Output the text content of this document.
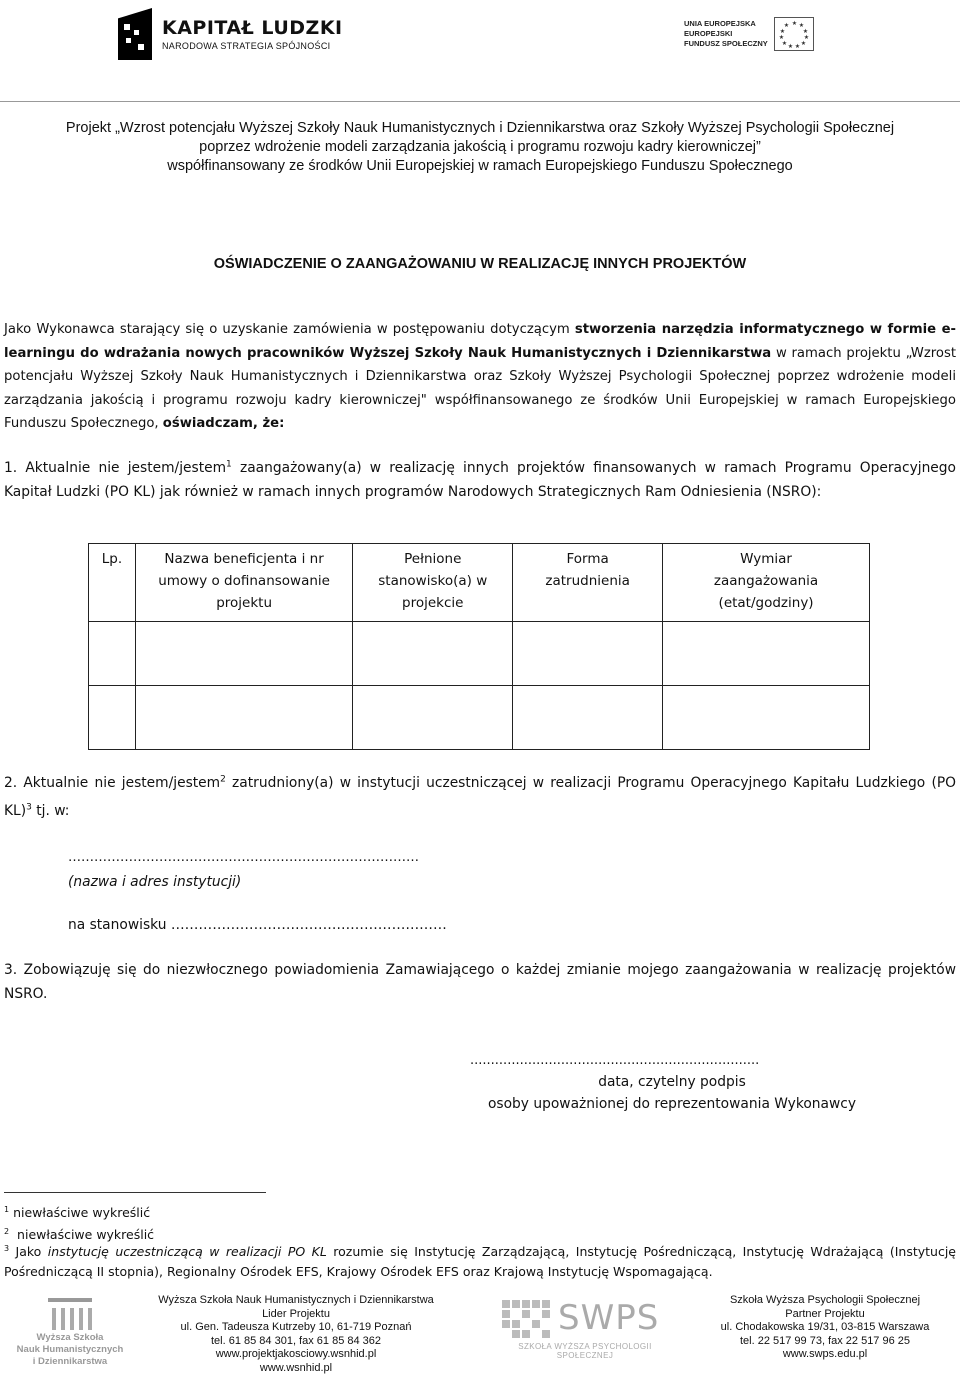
KAPITAŁ LUDZKI
NARODOWA STRATEGIA SPÓJNOŚCI
UNIA EUROPEJSKA
EUROPEJSKI
FUNDUSZ SPOŁECZNY
★ ★
★
★
★
★
★
★
★
★
★
Projekt „Wzrost potencjału Wyższej Szkoły Nauk Humanistycznych i Dziennikarstwa oraz Szkoły Wyższej Psychologii Społecznej
poprzez wdrożenie modeli zarządzania jakością i programu rozwoju kadry kierowniczej”
współfinansowany ze środków Unii Europejskiej w ramach Europejskiego Funduszu Społecznego
OŚWIADCZENIE O ZAANGAŻOWANIU W REALIZACJĘ INNYCH PROJEKTÓW
Jako Wykonawca starający się o uzyskanie zamówienia w postępowaniu dotyczącym stworzenia narzędzia informatycznego w formie e-learningu do wdrażania nowych pracowników Wyższej Szkoły Nauk Humanistycznych i Dziennikarstwa w ramach projektu „Wzrost potencjału Wyższej Szkoły Nauk Humanistycznych i Dziennikarstwa oraz Szkoły Wyższej Psychologii Społecznej poprzez wdrożenie modeli zarządzania jakością i programu rozwoju kadry kierowniczej" współfinansowanego ze środków Unii Europejskiej w ramach Europejskiego Funduszu Społecznego, oświadczam, że:
1. Aktualnie nie jestem/jestem$^1$ zaangażowany(a) w realizację innych projektów finansowanych w ramach Programu Operacyjnego Kapitał Ludzki (PO KL) jak również w ramach innych programów Narodowych Strategicznych Ram Odniesienia (NSRO):
Lp.	Nazwa beneficjenta i nr umowy o dofinansowanie projektu	Pełnione stanowisko(a) w projekcie	Forma zatrudnienia	Wymiar zaangażowania (etat/godziny)

2. Aktualnie nie jestem/jestem$^2$ zatrudniony(a) w instytucji uczestniczącej w realizacji Programu Operacyjnego Kapitału Ludzkiego (PO KL)$^3$ tj. w:
………………………………………………………………………
(nazwa i adres instytucji)
na stanowisku ……………………………………………………
3. Zobowiązuję się do niezwłocznego powiadomienia Zamawiającego o każdej zmianie mojego zaangażowania w realizację projektów NSRO.
......................................................................
data, czytelny podpis
osoby upoważnionej do reprezentowania Wykonawcy
$^1$ niewłaściwe wykreślić
$^2$ niewłaściwe wykreślić
$^3$ Jako instytucję uczestniczącą w realizacji PO KL rozumie się Instytucję Zarządzającą, Instytucję Pośredniczącą, Instytucję Wdrażającą (Instytucję Pośredniczącą II stopnia), Regionalny Ośrodek EFS, Krajowy Ośrodek EFS oraz Krajową Instytucję Wspomagającą.
Wyższa Szkoła
Nauk Humanistycznych
i Dziennikarstwa
Wyższa Szkoła Nauk Humanistycznych i Dziennikarstwa
Lider Projektu
ul. Gen. Tadeusza Kutrzeby 10, 61-719 Poznań
tel. 61 85 84 301, fax 61 85 84 362
www.projektjakosciowy.wsnhid.pl
www.wsnhid.pl
SWPS
SZKOŁA WYŻSZA PSYCHOLOGII SPOŁECZNEJ
Szkoła Wyższa Psychologii Społecznej
Partner Projektu
ul. Chodakowska 19/31, 03-815 Warszawa
tel. 22 517 99 73, fax 22 517 96 25
www.swps.edu.pl
